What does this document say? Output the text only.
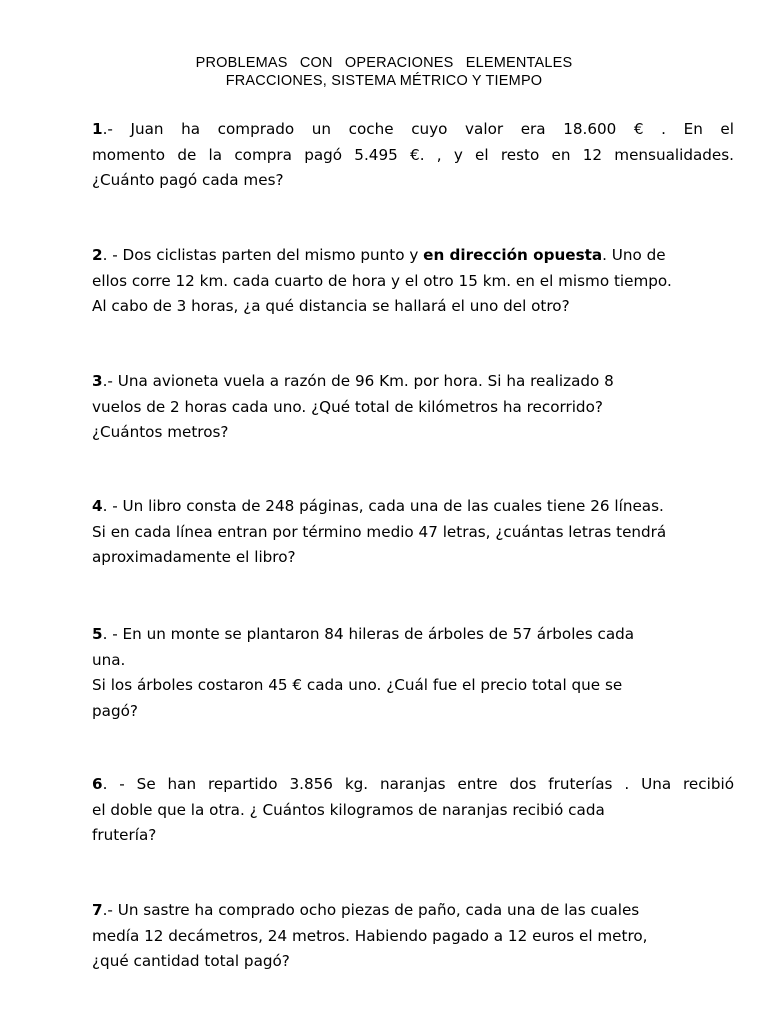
PROBLEMAS CON OPERACIONES ELEMENTALES
FRACCIONES, SISTEMA MÉTRICO Y TIEMPO
1.- Juan ha comprado un coche cuyo valor era 18.600 € . En el
momento de la compra pagó 5.495 €. , y el resto en 12 mensualidades.
¿Cuánto pagó cada mes?
2. - Dos ciclistas parten del mismo punto y en dirección opuesta. Uno de
ellos corre 12 km. cada cuarto de hora y el otro 15 km. en el mismo tiempo.
Al cabo de 3 horas, ¿a qué distancia se hallará el uno del otro?
3.- Una avioneta vuela a razón de 96 Km. por hora. Si ha realizado 8
vuelos de 2 horas cada uno. ¿Qué total de kilómetros ha recorrido?
¿Cuántos metros?
4. - Un libro consta de 248 páginas, cada una de las cuales tiene 26 líneas.
Si en cada línea entran por término medio 47 letras, ¿cuántas letras tendrá
aproximadamente el libro?
5. - En un monte se plantaron 84 hileras de árboles de 57 árboles cada
una.
Si los árboles costaron 45 € cada uno. ¿Cuál fue el precio total que se
pagó?
6. - Se han repartido 3.856 kg. naranjas entre dos fruterías . Una recibió
el doble que la otra. ¿ Cuántos kilogramos de naranjas recibió cada
frutería?
7.- Un sastre ha comprado ocho piezas de paño, cada una de las cuales
medía 12 decámetros, 24 metros. Habiendo pagado a 12 euros el metro,
¿qué cantidad total pagó?
